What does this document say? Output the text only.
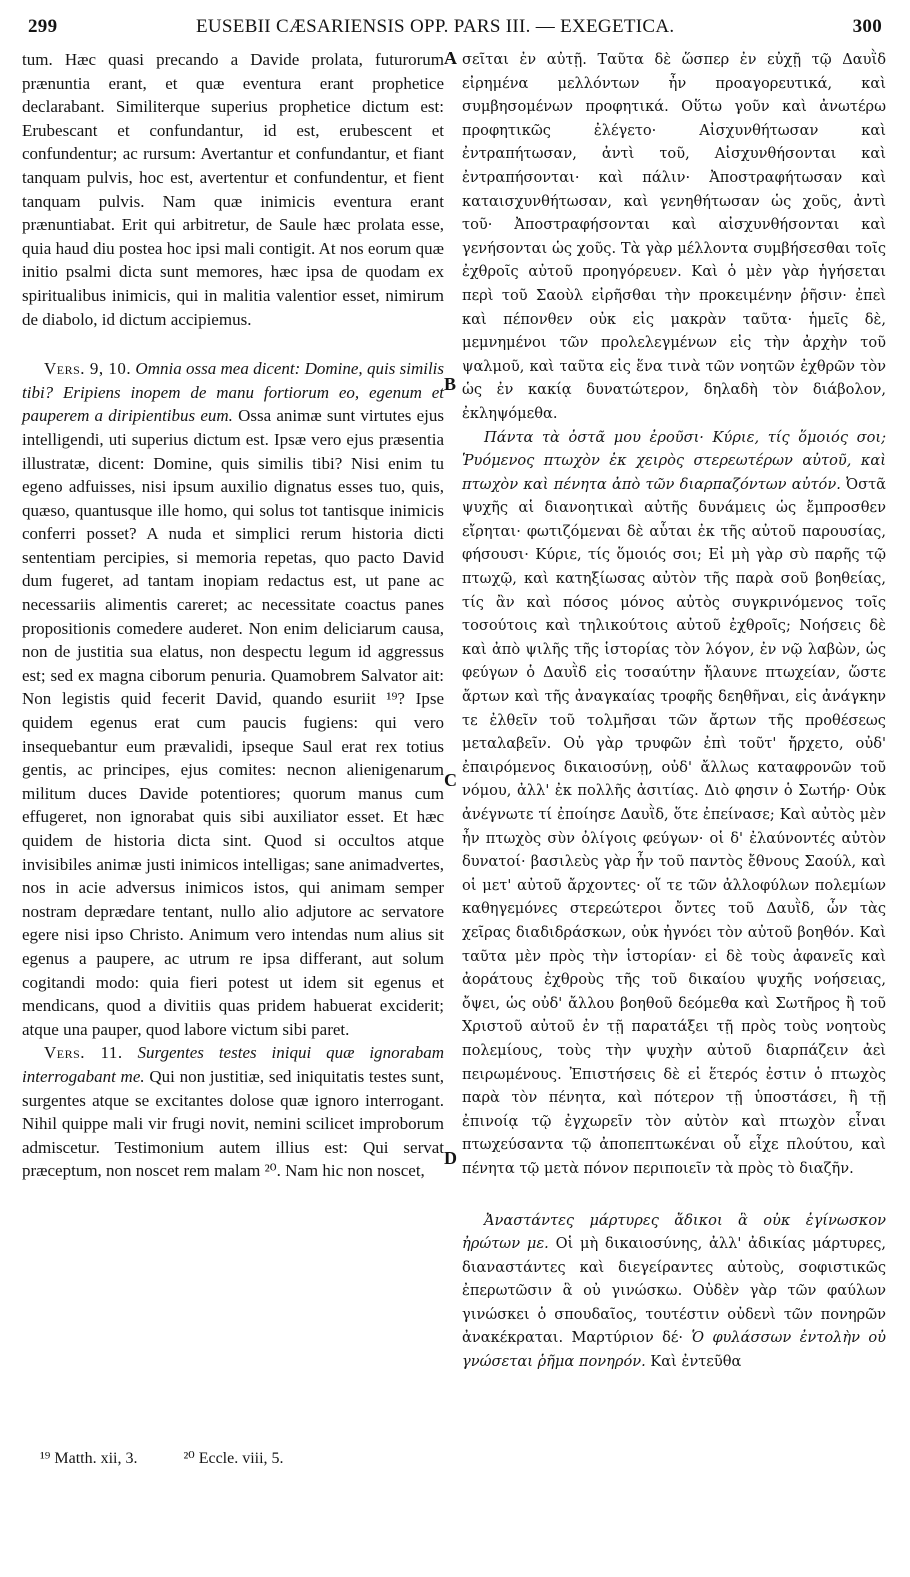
299	EUSEBII CÆSARIENSIS OPP. PARS III. — EXEGETICA.	300

tum. Hæc quasi precando a Davide prolata, futurorum prænuntia erant, et quæ eventura erant prophetice declarabant. Similiterque superius prophetice dictum est: Erubescant et confundantur, id est, erubescent et confundentur; ac rursum: Avertantur et confundantur, et fiant tanquam pulvis, hoc est, avertentur et confundentur, et fient tanquam pulvis. Nam quæ inimicis eventura erant prænuntiabat. Erit qui arbitretur, de Saule hæc prolata esse, quia haud diu postea hoc ipsi mali contigit. At nos eorum quæ initio psalmi dicta sunt memores, hæc ipsa de quodam ex spiritualibus inimicis, qui in malitia valentior esset, nimirum de diabolo, id dictum accipiemus.

Vers. 9, 10. Omnia ossa mea dicent: Domine, quis similis tibi? Eripiens inopem de manu fortiorum eo, egenum et pauperem a diripientibus eum. Ossa animæ sunt virtutes ejus intelligendi, uti superius dictum est. Ipsæ vero ejus præsentia illustratæ, dicent: Domine, quis similis tibi? Nisi enim tu egeno adfuisses, nisi ipsum auxilio dignatus esses tuo, quis, quæso, quantusque ille homo, qui solus tot tantisque inimicis conferri posset? A nuda et simplici rerum historia dicti sententiam percipies, si memoria repetas, quo pacto David dum fugeret, ad tantam inopiam redactus est, ut pane ac necessariis alimentis careret; ac necessitate coactus panes propositionis comedere auderet. Non enim deliciarum causa, non de justitia sua elatus, non despectu legum id aggressus est; sed ex magna ciborum penuria. Quamobrem Salvator ait: Non legistis quid fecerit David, quando esuriit ¹⁹? Ipse quidem egenus erat cum paucis fugiens: qui vero insequebantur eum prævalidi, ipseque Saul erat rex totius gentis, ac principes, ejus comites: necnon alienigenarum militum duces Davide potentiores; quorum manus cum effugeret, non ignorabat quis sibi auxiliator esset. Et hæc quidem de historia dicta sint. Quod si occultos atque invisibiles animæ justi inimicos intelligas; sane animadvertes, nos in acie adversus inimicos istos, qui animam semper nostram deprædare tentant, nullo alio adjutore ac servatore egere nisi ipso Christo. Animum vero intendas num alius sit egenus a paupere, ac utrum re ipsa differant, aut solum cogitandi modo: quia fieri potest ut idem sit egenus et mendicans, quod a divitiis quas pridem habuerat exciderit; atque una pauper, quod labore victum sibi paret.

Vers. 11. Surgentes testes iniqui quæ ignorabam interrogabant me. Qui non justitiæ, sed iniquitatis testes sunt, surgentes atque se excitantes dolose quæ ignoro interrogant. Nihil quippe mali vir frugi novit, nemini scilicet improborum admiscetur. Testimonium autem illius est: Qui servat præceptum, non noscet rem malam ²⁰. Nam hic non noscet,

A
B
C
D

σεῖται ἐν αὐτῇ. Ταῦτα δὲ ὥσπερ ἐν εὐχῇ τῷ Δαυῒδ εἰρημένα μελλόντων ἦν προαγορευτικά, καὶ συμβησομένων προφητικά. Οὕτω γοῦν καὶ ἀνωτέρω προφητικῶς ἐλέγετο· Αἰσχυνθήτωσαν καὶ ἐντραπήτωσαν, ἀντὶ τοῦ, Αἰσχυνθήσονται καὶ ἐντραπήσονται· καὶ πάλιν· Ἀποστραφήτωσαν καὶ καταισχυνθήτωσαν, καὶ γενηθήτωσαν ὡς χοῦς, ἀντὶ τοῦ· Ἀποστραφήσονται καὶ αἰσχυνθήσονται καὶ γενήσονται ὡς χοῦς. Τὰ γὰρ μέλλοντα συμβήσεσθαι τοῖς ἐχθροῖς αὐτοῦ προηγόρευεν. Καὶ ὁ μὲν γὰρ ἡγήσεται περὶ τοῦ Σαοὺλ εἰρῆσθαι τὴν προκειμένην ῥῆσιν· ἐπεὶ καὶ πέπονθεν οὐκ εἰς μακρὰν ταῦτα· ἡμεῖς δὲ, μεμνημένοι τῶν προλελεγμένων εἰς τὴν ἀρχὴν τοῦ ψαλμοῦ, καὶ ταῦτα εἰς ἕνα τινὰ τῶν νοητῶν ἐχθρῶν τὸν ὡς ἐν κακίᾳ δυνατώτερον, δηλαδὴ τὸν διάβολον, ἐκληψόμεθα.

Πάντα τὰ ὀστᾶ μου ἐροῦσι· Κύριε, τίς ὅμοιός σοι; Ῥυόμενος πτωχὸν ἐκ χειρὸς στερεωτέρων αὐτοῦ, καὶ πτωχὸν καὶ πένητα ἀπὸ τῶν διαρπαζόντων αὐτόν. Ὀστᾶ ψυχῆς αἱ διανοητικαὶ αὐτῆς δυνάμεις ὡς ἔμπροσθεν εἴρηται· φωτιζόμεναι δὲ αὗται ἐκ τῆς αὐτοῦ παρουσίας, φήσουσι· Κύριε, τίς ὅμοιός σοι; Εἰ μὴ γὰρ σὺ παρῆς τῷ πτωχῷ, καὶ κατηξίωσας αὐτὸν τῆς παρὰ σοῦ βοηθείας, τίς ἂν καὶ πόσος μόνος αὐτὸς συγκρινόμενος τοῖς τοσούτοις καὶ τηλικούτοις αὐτοῦ ἐχθροῖς; Νοήσεις δὲ καὶ ἀπὸ ψιλῆς τῆς ἱστορίας τὸν λόγον, ἐν νῷ λαβὼν, ὡς φεύγων ὁ Δαυῒδ εἰς τοσαύτην ἤλαυνε πτωχείαν, ὥστε ἄρτων καὶ τῆς ἀναγκαίας τροφῆς δεηθῆναι, εἰς ἀνάγκην τε ἐλθεῖν τοῦ τολμῆσαι τῶν ἄρτων τῆς προθέσεως μεταλαβεῖν. Οὐ γὰρ τρυφῶν ἐπὶ τοῦτ' ἤρχετο, οὐδ' ἐπαιρόμενος δικαιοσύνῃ, οὐδ' ἄλλως καταφρονῶν τοῦ νόμου, ἀλλ' ἐκ πολλῆς ἀσιτίας. Διὸ φησιν ὁ Σωτήρ· Οὐκ ἀνέγνωτε τί ἐποίησε Δαυῒδ, ὅτε ἐπείνασε; Καὶ αὐτὸς μὲν ἦν πτωχὸς σὺν ὀλίγοις φεύγων· οἱ δ' ἐλαύνοντές αὐτὸν δυνατοί· βασιλεὺς γὰρ ἦν τοῦ παντὸς ἔθνους Σαούλ, καὶ οἱ μετ' αὐτοῦ ἄρχοντες· οἵ τε τῶν ἀλλοφύλων πολεμίων καθηγεμόνες στερεώτεροι ὄντες τοῦ Δαυῒδ, ὧν τὰς χεῖρας διαδιδράσκων, οὐκ ἠγνόει τὸν αὐτοῦ βοηθόν. Καὶ ταῦτα μὲν πρὸς τὴν ἱστορίαν· εἰ δὲ τοὺς ἀφανεῖς καὶ ἀοράτους ἐχθροὺς τῆς τοῦ δικαίου ψυχῆς νοήσειας, ὄψει, ὡς οὐδ' ἄλλου βοηθοῦ δεόμεθα καὶ Σωτῆρος ἢ τοῦ Χριστοῦ αὐτοῦ ἐν τῇ παρατάξει τῇ πρὸς τοὺς νοητοὺς πολεμίους, τοὺς τὴν ψυχὴν αὐτοῦ διαρπάζειν ἀεὶ πειρωμένους. Ἐπιστήσεις δὲ εἰ ἕτερός ἐστιν ὁ πτωχὸς παρὰ τὸν πένητα, καὶ πότερον τῇ ὑποστάσει, ἢ τῇ ἐπινοίᾳ τῷ ἐγχωρεῖν τὸν αὐτὸν καὶ πτωχὸν εἶναι πτωχεύσαντα τῷ ἀποπεπτωκέναι οὗ εἶχε πλούτου, καὶ πένητα τῷ μετὰ πόνον περιποιεῖν τὰ πρὸς τὸ διαζῆν.

Ἀναστάντες μάρτυρες ἄδικοι ἃ οὐκ ἐγίνωσκον ἠρώτων με. Οἱ μὴ δικαιοσύνης, ἀλλ' ἀδικίας μάρτυρες, διαναστάντες καὶ διεγείραντες αὐτοὺς, σοφιστικῶς ἐπερωτῶσιν ἃ οὐ γινώσκω. Οὐδὲν γὰρ τῶν φαύλων γινώσκει ὁ σπουδαῖος, τουτέστιν οὐδενὶ τῶν πονηρῶν ἀνακέκραται. Μαρτύριον δέ· Ὁ φυλάσσων ἐντολὴν οὐ γνώσεται ῥῆμα πονηρόν. Καὶ ἐντεῦθα

¹⁹ Matth. xii, 3.	²⁰ Eccle. viii, 5.
